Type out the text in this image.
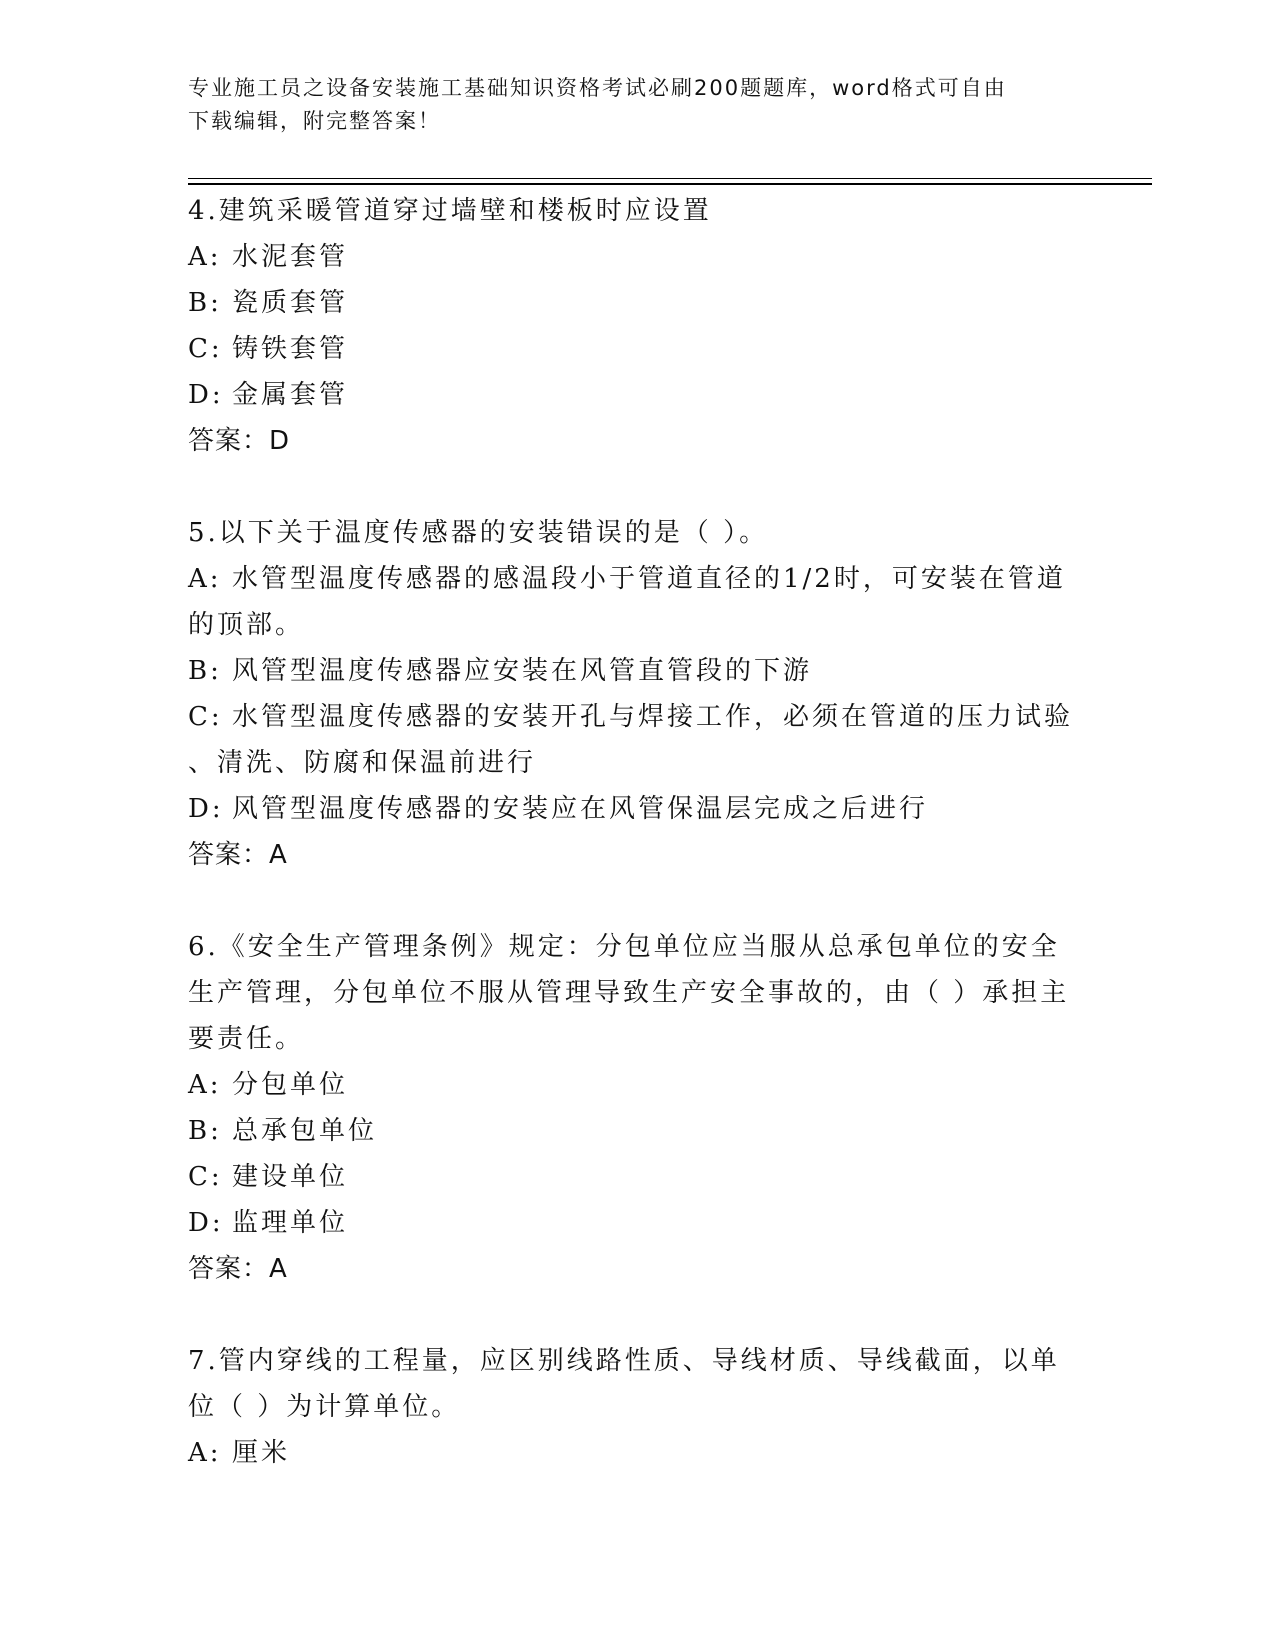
专业施工员之设备安装施工基础知识资格考试必刷200题题库，word格式可自由
下载编辑，附完整答案！
4.建筑采暖管道穿过墙壁和楼板时应设置
A: 水泥套管
B: 瓷质套管
C: 铸铁套管
D: 金属套管
答案：D
5.以下关于温度传感器的安装错误的是（ ）。
A: 水管型温度传感器的感温段小于管道直径的1/2时，可安装在管道
的顶部。
B: 风管型温度传感器应安装在风管直管段的下游
C: 水管型温度传感器的安装开孔与焊接工作，必须在管道的压力试验
、清洗、防腐和保温前进行
D: 风管型温度传感器的安装应在风管保温层完成之后进行
答案：A
6.《安全生产管理条例》规定：分包单位应当服从总承包单位的安全
生产管理，分包单位不服从管理导致生产安全事故的，由（ ）承担主
要责任。
A: 分包单位
B: 总承包单位
C: 建设单位
D: 监理单位
答案：A
7.管内穿线的工程量，应区别线路性质、导线材质、导线截面，以单
位（ ）为计算单位。
A: 厘米
